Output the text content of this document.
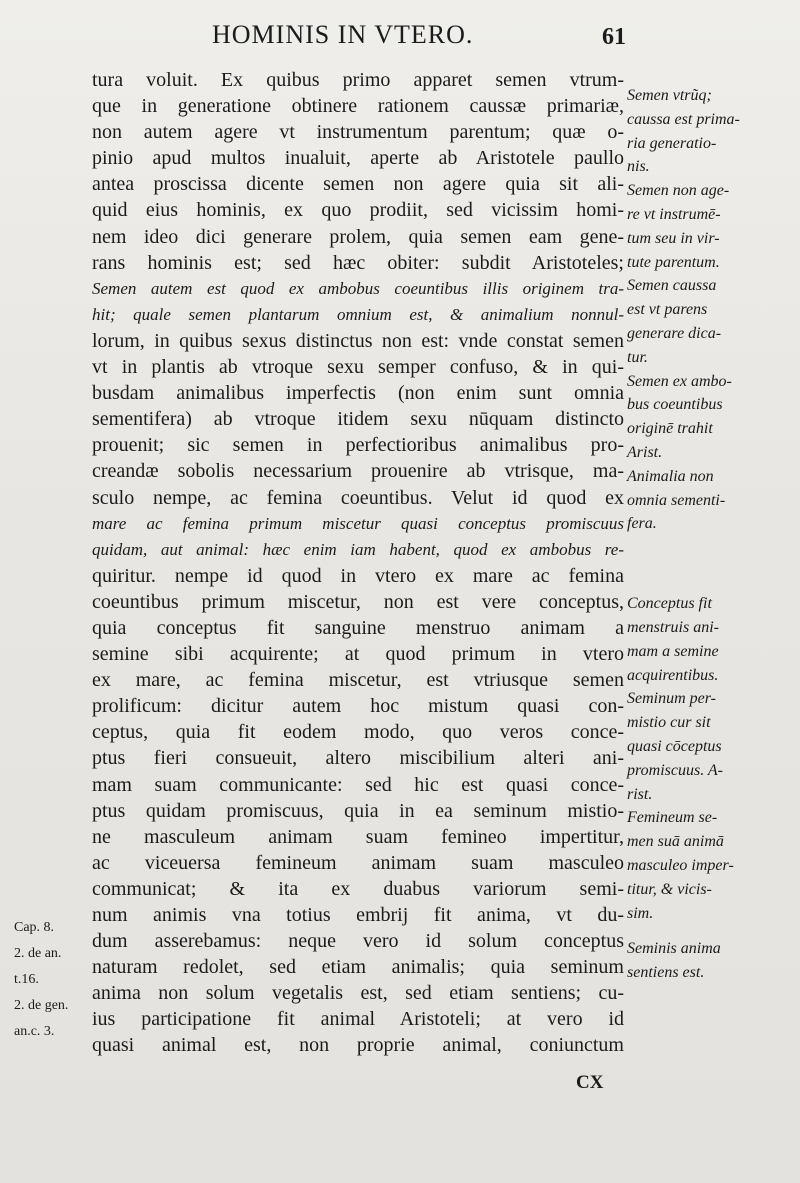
HOMINIS IN VTERO.	61
tura voluit. Ex quibus primo apparet semen vtrum-
que in generatione obtinere rationem caussæ primariæ,
non autem agere vt instrumentum parentum; quæ o-
pinio apud multos inualuit, aperte ab Aristotele paullo
antea proscissa dicente semen non agere quia sit ali-
quid eius hominis, ex quo prodiit, sed vicissim homi-
nem ideo dici generare prolem, quia semen eam gene-
rans hominis est; sed hæc obiter: subdit Aristoteles;
Semen autem est quod ex ambobus coeuntibus illis originem tra-
hit; quale semen plantarum omnium est, & animalium nonnul-
lorum, in quibus sexus distinctus non est: vnde constat semen
vt in plantis ab vtroque sexu semper confuso, & in qui-
busdam animalibus imperfectis (non enim sunt omnia
sementifera) ab vtroque itidem sexu nūquam distincto
prouenit; sic semen in perfectioribus animalibus pro-
creandæ sobolis necessarium prouenire ab vtrisque, ma-
sculo nempe, ac femina coeuntibus. Velut id quod ex
mare ac femina primum miscetur quasi conceptus promiscuus
quidam, aut animal: hæc enim iam habent, quod ex ambobus re-
quiritur. nempe id quod in vtero ex mare ac femina
coeuntibus primum miscetur, non est vere conceptus,
quia conceptus fit sanguine menstruo animam a
semine sibi acquirente; at quod primum in vtero
ex mare, ac femina miscetur, est vtriusque semen
prolificum: dicitur autem hoc mistum quasi con-
ceptus, quia fit eodem modo, quo veros conce-
ptus fieri consueuit, altero miscibilium alteri ani-
mam suam communicante: sed hic est quasi conce-
ptus quidam promiscuus, quia in ea seminum mistio-
ne masculeum animam suam femineo impertitur,
ac viceuersa femineum animam suam masculeo
communicat; & ita ex duabus variorum semi-
num animis vna totius embrij fit anima, vt du-
dum asserebamus: neque vero id solum conceptus
naturam redolet, sed etiam animalis; quia seminum
anima non solum vegetalis est, sed etiam sentiens; cu-
ius participatione fit animal Aristoteli; at vero id
quasi animal est, non proprie animal, coniunctum
Semen vtrũq;
caussa est prima-
ria generatio-
nis.
Semen non age-
re vt instrumē-
tum seu in vir-
tute parentum.
Semen caussa
est vt parens
generare dica-
tur.
Semen ex ambo-
bus coeuntibus
originē trahit
Arist.
Animalia non
omnia sementi-
fera.
Conceptus fit
menstruis ani-
mam a semine
acquirentibus.
Seminum per-
mistio cur sit
quasi cōceptus
promiscuus. A-
rist.
Femineum se-
men suā animā
masculeo imper-
titur, & vicis-
sim.
Seminis anima
sentiens est.
Cap. 8.
2. de an.
t.16.
2. de gen.
an.c. 3.
CX
